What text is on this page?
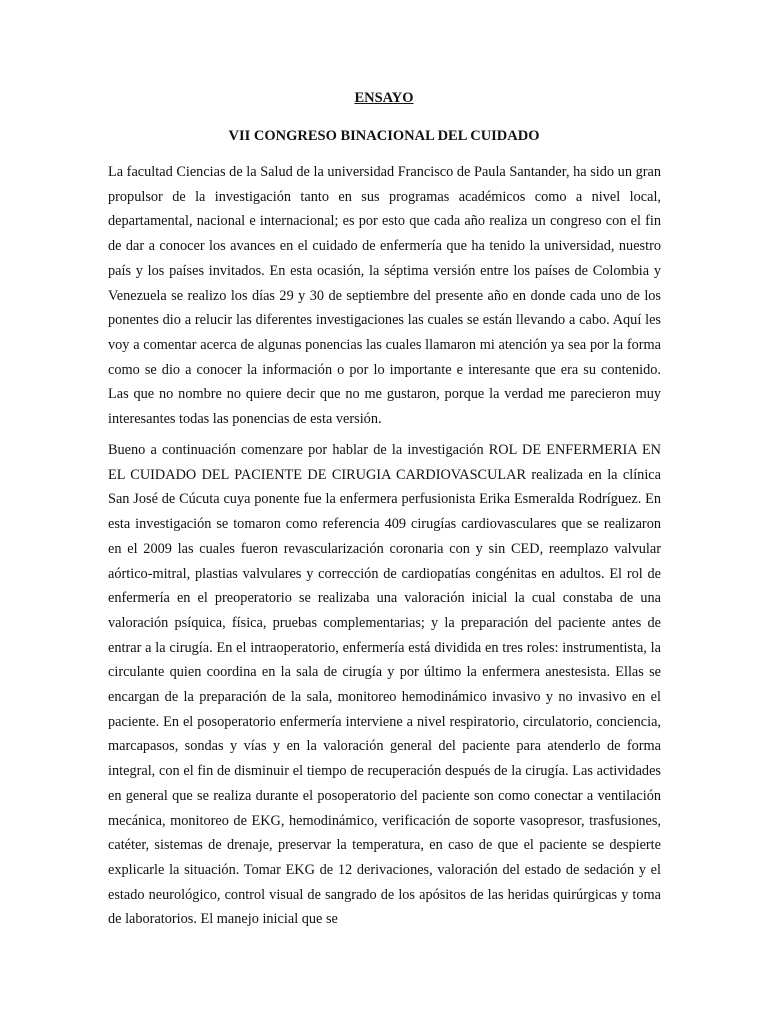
ENSAYO
VII CONGRESO BINACIONAL DEL CUIDADO

La facultad Ciencias de la Salud de la universidad Francisco de Paula Santander, ha sido un gran propulsor de la investigación tanto en sus programas académicos como a nivel local, departamental, nacional e internacional; es por esto que cada año realiza un congreso con el fin de dar a conocer los avances en el cuidado de enfermería que ha tenido la universidad, nuestro país y los países invitados. En esta ocasión, la séptima versión entre los países de Colombia y Venezuela se realizo los días 29 y 30 de septiembre del presente año en donde cada uno de los ponentes dio a relucir las diferentes investigaciones las cuales se están llevando a cabo. Aquí les voy a comentar acerca de algunas ponencias las cuales llamaron mi atención ya sea por la forma como se dio a conocer la información o por lo importante e interesante que era su contenido. Las que no nombre no quiere decir que no me gustaron, porque la verdad me parecieron muy interesantes todas las ponencias de esta versión.

Bueno a continuación comenzare por hablar de la investigación ROL DE ENFERMERIA EN EL CUIDADO DEL PACIENTE DE CIRUGIA CARDIOVASCULAR realizada en la clínica San José de Cúcuta cuya ponente fue la enfermera perfusionista Erika Esmeralda Rodríguez. En esta investigación se tomaron como referencia 409 cirugías cardiovasculares que se realizaron en el 2009 las cuales fueron revascularización coronaria con y sin CED, reemplazo valvular aórtico-mitral, plastias valvulares y corrección de cardiopatías congénitas en adultos. El rol de enfermería en el preoperatorio se realizaba una valoración inicial la cual constaba de una valoración psíquica, física, pruebas complementarias; y la preparación del paciente antes de entrar a la cirugía. En el intraoperatorio, enfermería está dividida en tres roles: instrumentista, la circulante quien coordina en la sala de cirugía y por último la enfermera anestesista. Ellas se encargan de la preparación de la sala, monitoreo hemodinámico invasivo y no invasivo en el paciente. En el posoperatorio enfermería interviene a nivel respiratorio, circulatorio, conciencia, marcapasos, sondas y vías y en la valoración general del paciente para atenderlo de forma integral, con el fin de disminuir el tiempo de recuperación después de la cirugía. Las actividades en general que se realiza durante el posoperatorio del paciente son como conectar a ventilación mecánica, monitoreo de EKG, hemodinámico, verificación de soporte vasopresor, trasfusiones, catéter, sistemas de drenaje, preservar la temperatura, en caso de que el paciente se despierte explicarle la situación. Tomar EKG de 12 derivaciones, valoración del estado de sedación y el estado neurológico, control visual de sangrado de los apósitos de las heridas quirúrgicas y toma de laboratorios. El manejo inicial que se
